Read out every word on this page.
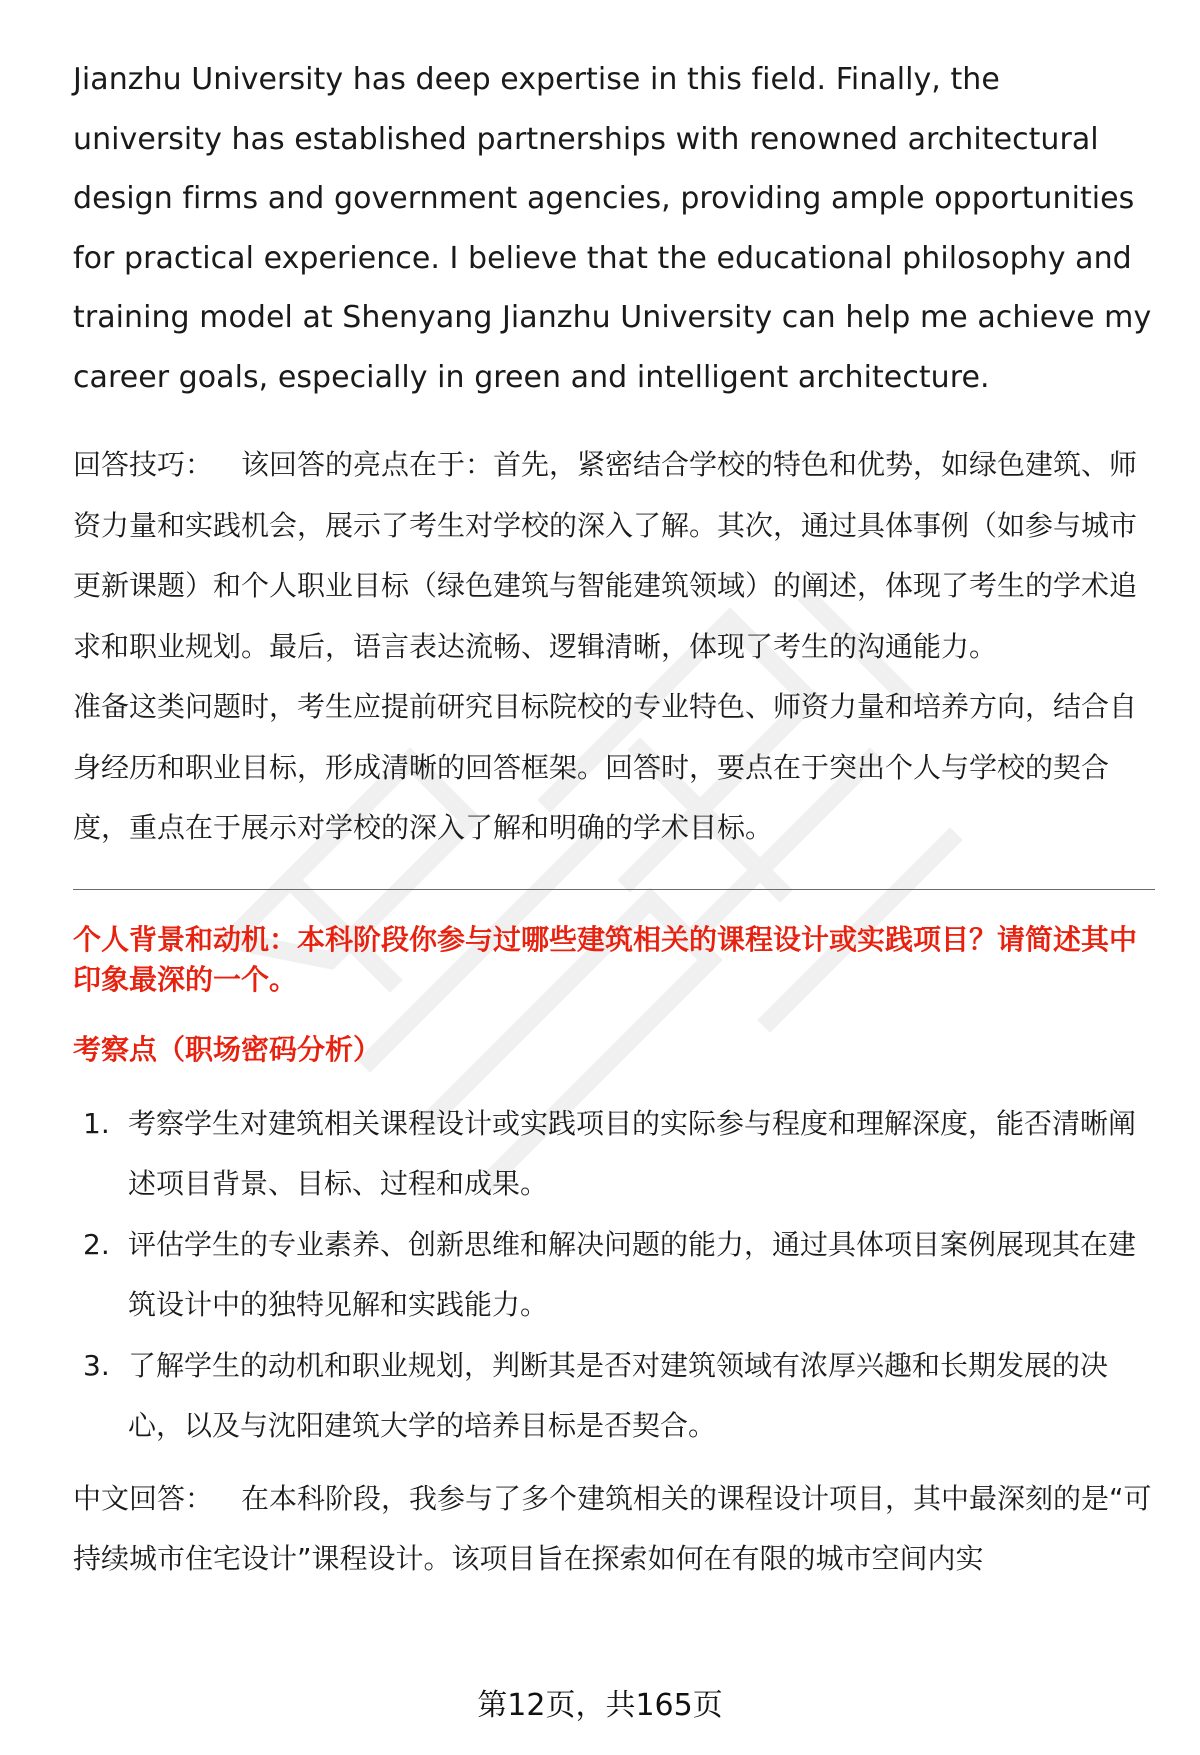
Jianzhu University has deep expertise in this field. Finally, the university has established partnerships with renowned architectural design firms and government agencies, providing ample opportunities for practical experience. I believe that the educational philosophy and training model at Shenyang Jianzhu University can help me achieve my career goals, especially in green and intelligent architecture.

回答技巧： 该回答的亮点在于：首先，紧密结合学校的特色和优势，如绿色建筑、师资力量和实践机会，展示了考生对学校的深入了解。其次，通过具体事例（如参与城市更新课题）和个人职业目标（绿色建筑与智能建筑领域）的阐述，体现了考生的学术追求和职业规划。最后，语言表达流畅、逻辑清晰，体现了考生的沟通能力。

准备这类问题时，考生应提前研究目标院校的专业特色、师资力量和培养方向，结合自身经历和职业目标，形成清晰的回答框架。回答时，要点在于突出个人与学校的契合度，重点在于展示对学校的深入了解和明确的学术目标。

个人背景和动机：本科阶段你参与过哪些建筑相关的课程设计或实践项目？请简述其中印象最深的一个。

考察点（职场密码分析）

1. 考察学生对建筑相关课程设计或实践项目的实际参与程度和理解深度，能否清晰阐述项目背景、目标、过程和成果。
2. 评估学生的专业素养、创新思维和解决问题的能力，通过具体项目案例展现其在建筑设计中的独特见解和实践能力。
3. 了解学生的动机和职业规划，判断其是否对建筑领域有浓厚兴趣和长期发展的决心，以及与沈阳建筑大学的培养目标是否契合。

中文回答： 在本科阶段，我参与了多个建筑相关的课程设计项目，其中最深刻的是“可持续城市住宅设计”课程设计。该项目旨在探索如何在有限的城市空间内实

第12页，共165页
